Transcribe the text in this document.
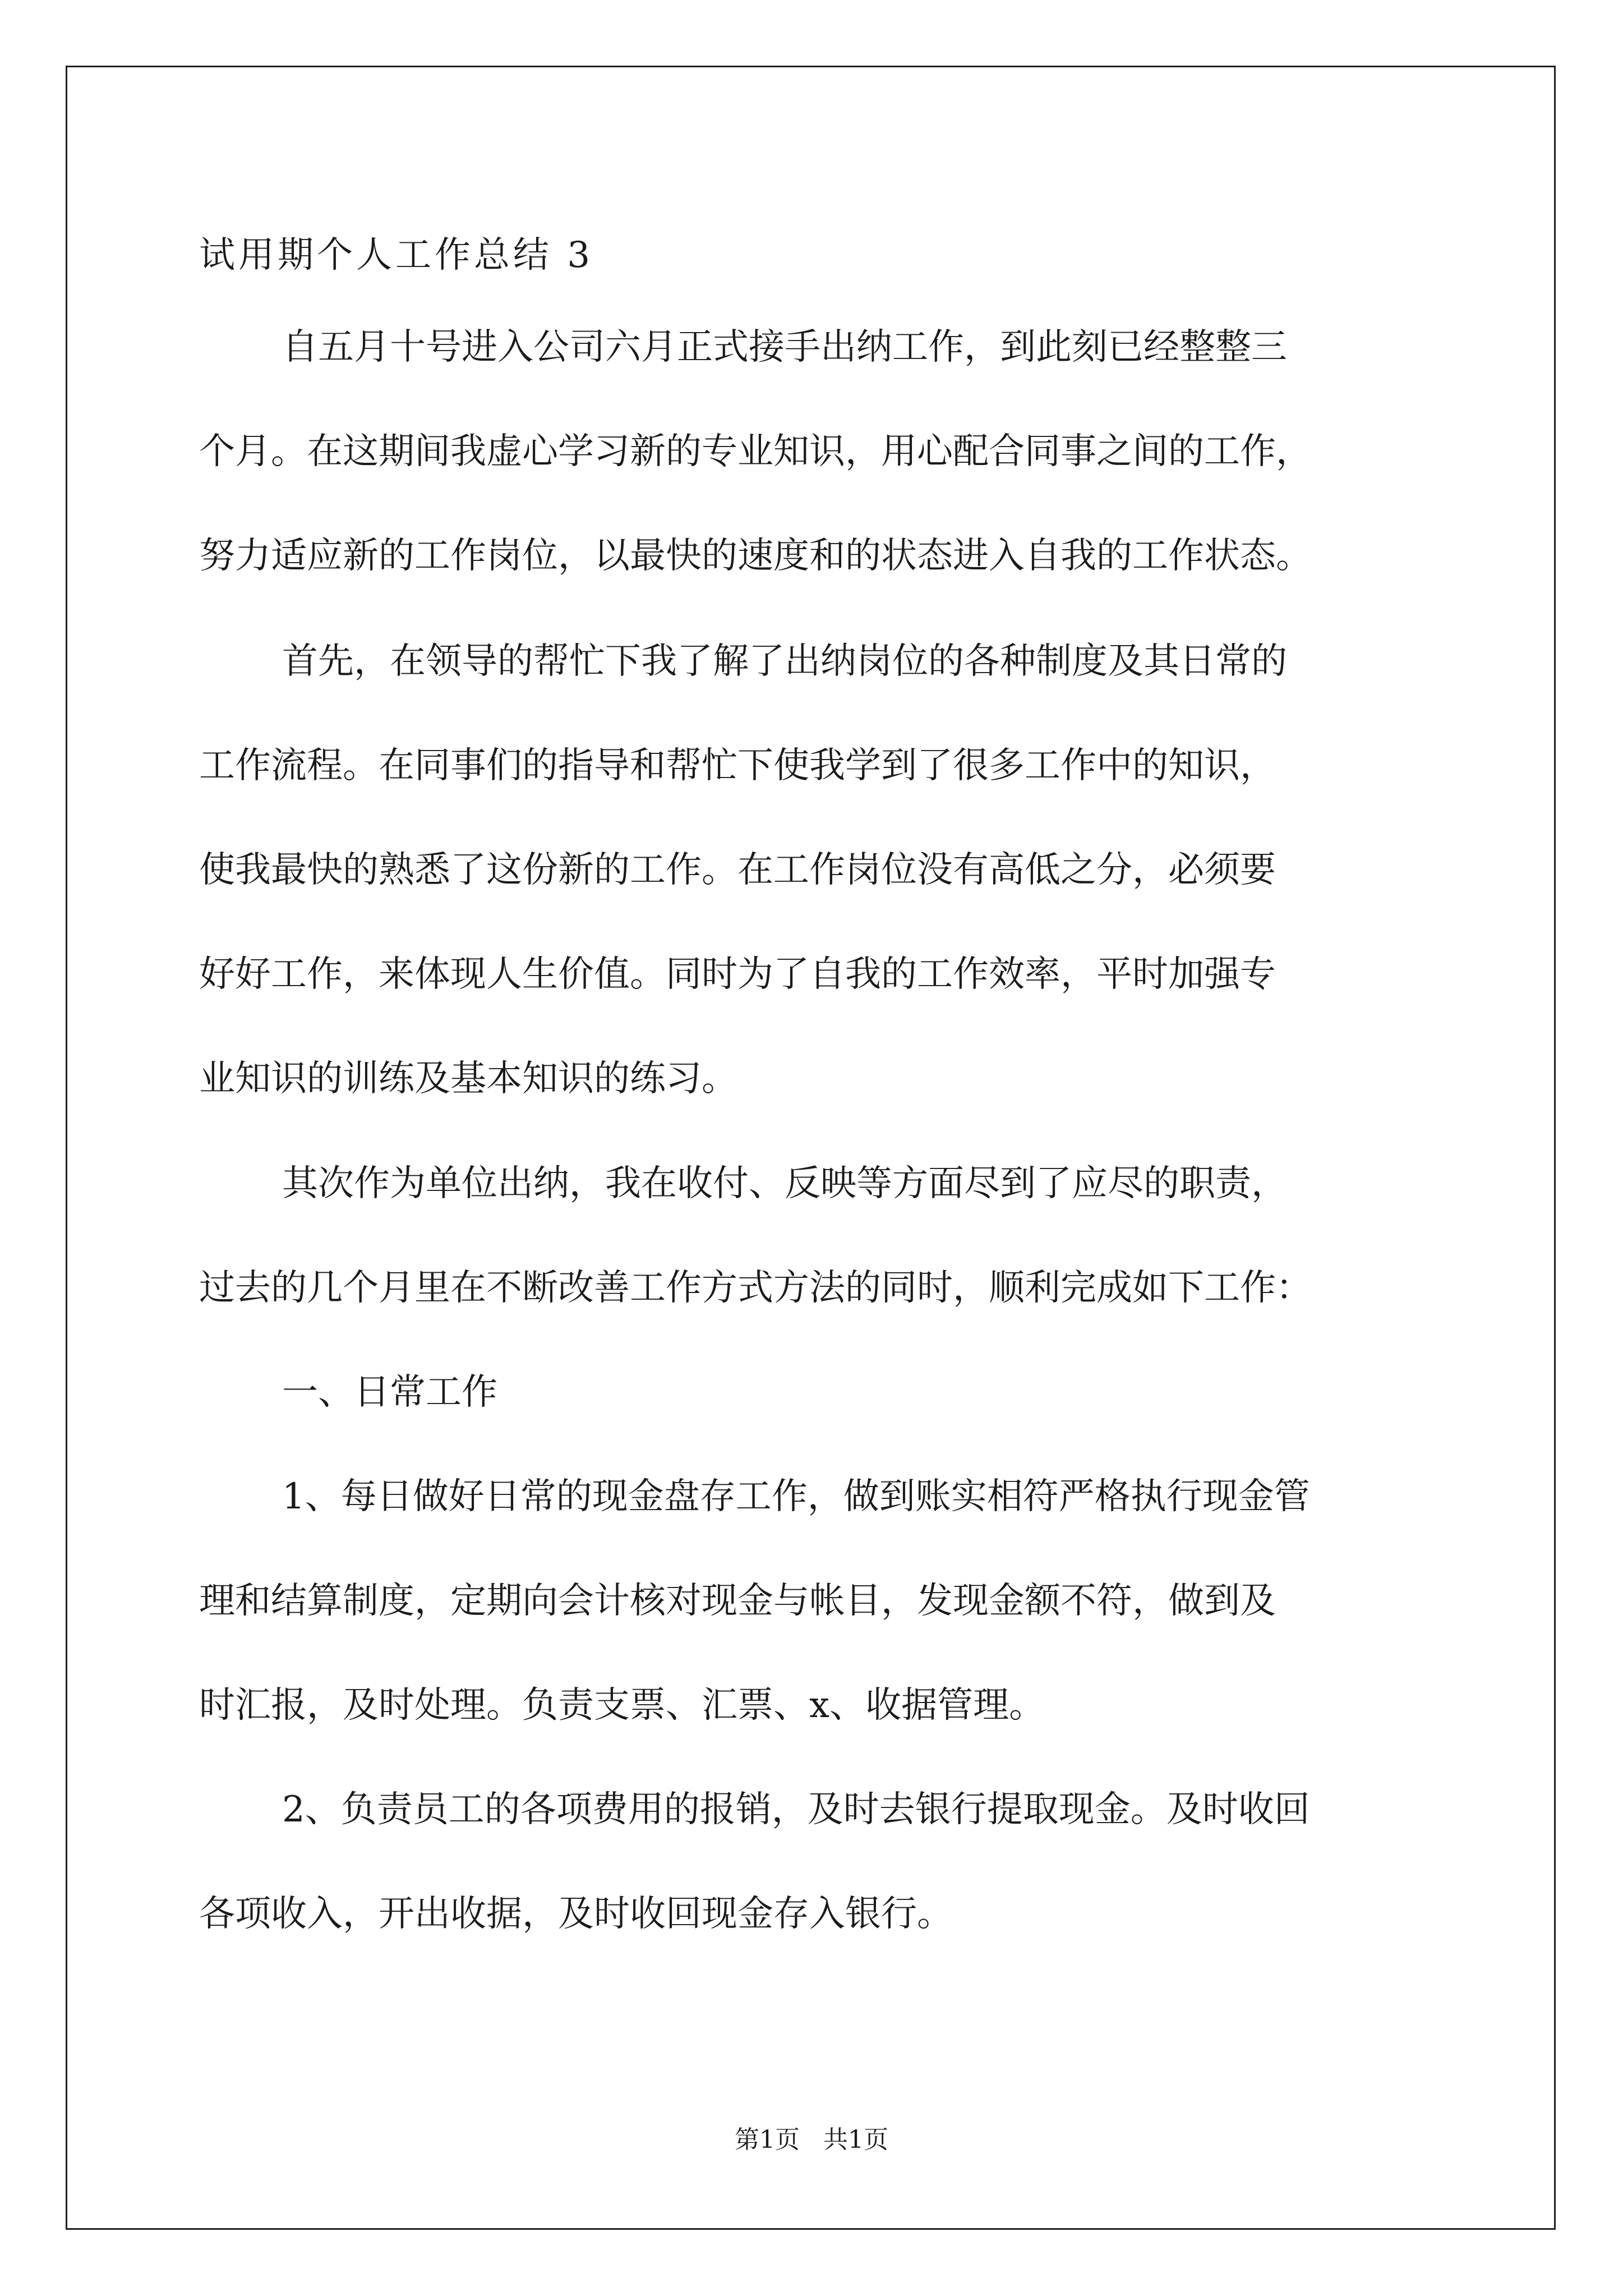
试用期个人工作总结 3
自五月十号进入公司六月正式接手出纳工作，到此刻已经整整三
个月。在这期间我虚心学习新的专业知识，用心配合同事之间的工作，
努力适应新的工作岗位，以最快的速度和的状态进入自我的工作状态。
首先，在领导的帮忙下我了解了出纳岗位的各种制度及其日常的
工作流程。在同事们的指导和帮忙下使我学到了很多工作中的知识，
使我最快的熟悉了这份新的工作。在工作岗位没有高低之分，必须要
好好工作，来体现人生价值。同时为了自我的工作效率，平时加强专
业知识的训练及基本知识的练习。
其次作为单位出纳，我在收付、反映等方面尽到了应尽的职责，
过去的几个月里在不断改善工作方式方法的同时，顺利完成如下工作：
一、日常工作
1、每日做好日常的现金盘存工作，做到账实相符严格执行现金管
理和结算制度，定期向会计核对现金与帐目，发现金额不符，做到及
时汇报，及时处理。负责支票、汇票、x、收据管理。
2、负责员工的各项费用的报销，及时去银行提取现金。及时收回
各项收入，开出收据，及时收回现金存入银行。
第1页   共1页
